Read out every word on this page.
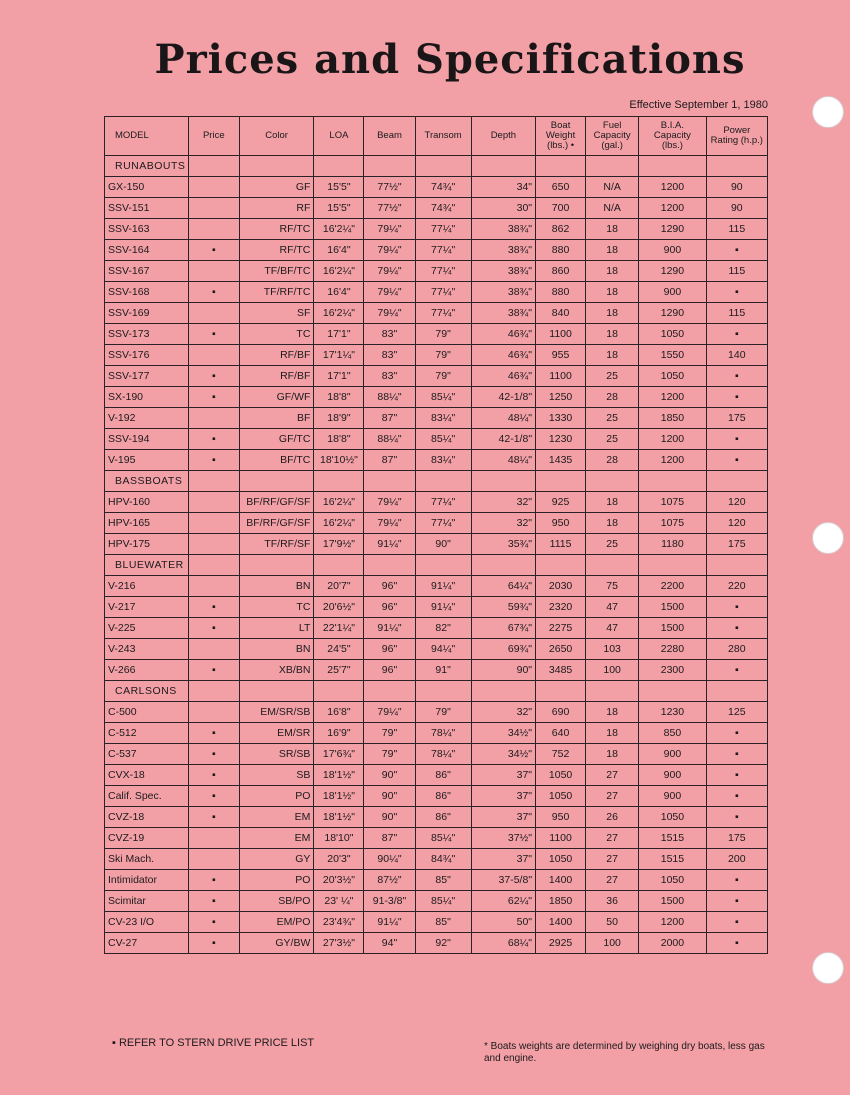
Prices and Specifications
Effective September 1, 1980
MODEL	Price	Color	LOA	Beam	Transom	Depth	Boat Weight (lbs.) •	Fuel Capacity (gal.)	B.I.A. Capacity (lbs.)	Power Rating (h.p.)
RUNABOUTS										
GX-150		GF	15'5"	77½"	74¾"	34"	650	N/A	1200	90
SSV-151		RF	15'5"	77½"	74¾"	30"	700	N/A	1200	90
SSV-163		RF/TC	16'2¼"	79¼"	77¼"	38¾"	862	18	1290	115
SSV-164	▪	RF/TC	16'4"	79¼"	77¼"	38¾"	880	18	900	▪
SSV-167		TF/BF/TC	16'2¼"	79¼"	77¼"	38¾"	860	18	1290	115
SSV-168	▪	TF/RF/TC	16'4"	79¼"	77¼"	38¾"	880	18	900	▪
SSV-169		SF	16'2¼"	79¼"	77¼"	38¾"	840	18	1290	115
SSV-173	▪	TC	17'1"	83"	79"	46¾"	1100	18	1050	▪
SSV-176		RF/BF	17'1¼"	83"	79"	46¾"	955	18	1550	140
SSV-177	▪	RF/BF	17'1"	83"	79"	46¾"	1100	25	1050	▪
SX-190	▪	GF/WF	18'8"	88¼"	85¼"	42-1/8"	1250	28	1200	▪
V-192		BF	18'9"	87"	83¼"	48¼"	1330	25	1850	175
SSV-194	▪	GF/TC	18'8"	88¼"	85¼"	42-1/8"	1230	25	1200	▪
V-195	▪	BF/TC	18'10½"	87"	83¼"	48¼"	1435	28	1200	▪
BASSBOATS										
HPV-160		BF/RF/GF/SF	16'2¼"	79¼"	77¼"	32"	925	18	1075	120
HPV-165		BF/RF/GF/SF	16'2¼"	79¼"	77¼"	32"	950	18	1075	120
HPV-175		TF/RF/SF	17'9½"	91¼"	90"	35¾"	1115	25	1180	175
BLUEWATER										
V-216		BN	20'7"	96"	91¼"	64¼"	2030	75	2200	220
V-217	▪	TC	20'6½"	96"	91¼"	59¾"	2320	47	1500	▪
V-225	▪	LT	22'1¼"	91¼"	82"	67¾"	2275	47	1500	▪
V-243		BN	24'5"	96"	94¼"	69¾"	2650	103	2280	280
V-266	▪	XB/BN	25'7"	96"	91"	90"	3485	100	2300	▪
CARLSONS										
C-500		EM/SR/SB	16'8"	79¼"	79"	32"	690	18	1230	125
C-512	▪	EM/SR	16'9"	79"	78¼"	34½"	640	18	850	▪
C-537	▪	SR/SB	17'6¾"	79"	78¼"	34½"	752	18	900	▪
CVX-18	▪	SB	18'1½"	90"	86"	37"	1050	27	900	▪
Calif. Spec.	▪	PO	18'1½"	90"	86"	37"	1050	27	900	▪
CVZ-18	▪	EM	18'1½"	90"	86"	37"	950	26	1050	▪
CVZ-19		EM	18'10"	87"	85¼"	37½"	1100	27	1515	175
Ski Mach.		GY	20'3"	90¼"	84¾"	37"	1050	27	1515	200
Intimidator	▪	PO	20'3½"	87½"	85"	37-5/8"	1400	27	1050	▪
Scimitar	▪	SB/PO	23' ¼"	91-3/8"	85¼"	62¼"	1850	36	1500	▪
CV-23 I/O	▪	EM/PO	23'4¾"	91¼"	85"	50"	1400	50	1200	▪
CV-27	▪	GY/BW	27'3½"	94"	92"	68¼"	2925	100	2000	▪
▪ REFER TO STERN DRIVE PRICE LIST	* Boats weights are determined by weighing dry boats, less gas and engine.
